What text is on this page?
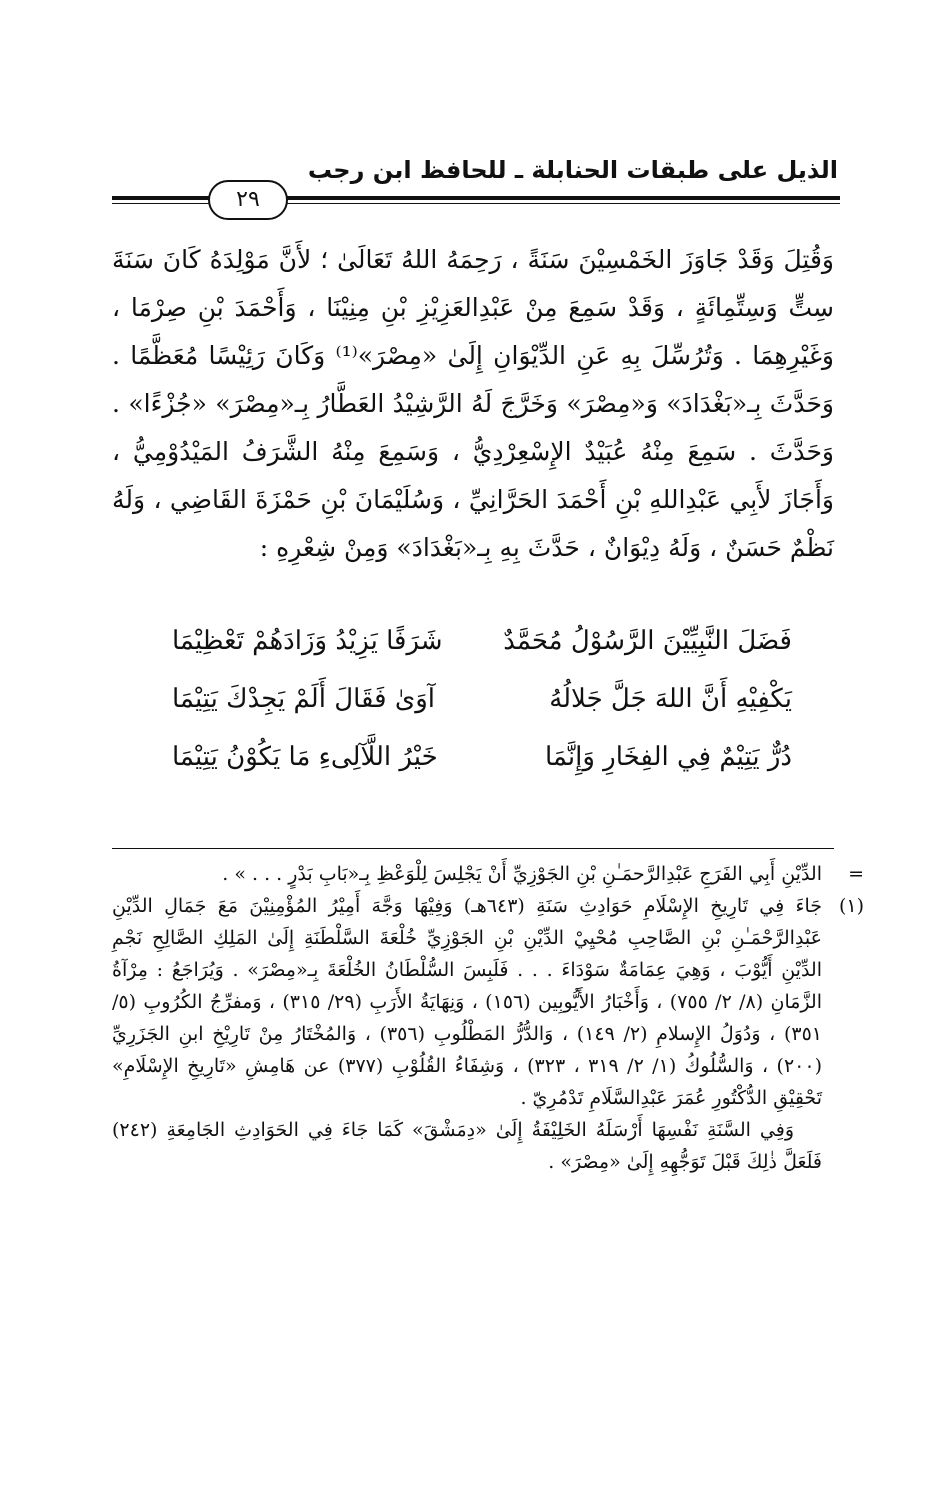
الذيل على طبقات الحنابلة ـ للحافظ ابن رجب
٢٩

وَقُتِلَ وَقَدْ جَاوَزَ الخَمْسِيْنَ سَنَةً ، رَحِمَهُ اللهُ تَعَالَىٰ ؛ لأَنَّ مَوْلِدَهُ كَانَ سَنَةَ سِتٍّ وَسِتِّمِائَةٍ ، وَقَدْ سَمِعَ مِنْ عَبْدِالعَزِيْزِ بْنِ مِنِيْنَا ، وَأَحْمَدَ بْنِ صِرْمَا ، وَغَيْرِهِمَا . وَتُرُسِّلَ بِهِ عَنِ الدِّيْوَانِ إِلَىٰ «مِصْرَ»⁽¹⁾ وَكَانَ رَئِيْسًا مُعَظَّمًا . وَحَدَّثَ بِـ«بَغْدَادَ» وَ«مِصْرَ» وَخَرَّجَ لَهُ الرَّشِيْدُ العَطَّارُ بِـ«مِصْرَ» «جُزْءًا» . وَحَدَّثَ . سَمِعَ مِنْهُ عُبَيْدٌ الإِسْعِرْدِيُّ ، وَسَمِعَ مِنْهُ الشَّرَفُ المَيْدُوْمِيُّ ، وَأَجَازَ لأَبِي عَبْدِاللهِ بْنِ أَحْمَدَ الحَرَّانِيِّ ، وَسُلَيْمَانَ بْنِ حَمْزَةَ القَاضِي ، وَلَهُ نَظْمٌ حَسَنٌ ، وَلَهُ دِيْوَانٌ ، حَدَّثَ بِهِ بِـ«بَغْدَادَ» وَمِنْ شِعْرِهِ :

فَضَلَ النَّبِيِّيْنَ الرَّسُوْلُ مُحَمَّدٌ
شَرَفًا يَزِيْدُ وَزَادَهُمْ تَعْظِيْمَا
يَكْفِيْهِ أَنَّ اللهَ جَلَّ جَلالُهُ
آوَىٰ فَقَالَ أَلَمْ يَجِدْكَ يَتِيْمَا
دُرٌّ يَتِيْمٌ فِي الفِخَارِ وَإِنَّمَا
خَيْرُ اللَّآلِىءِ مَا يَكُوْنُ يَتِيْمَا
=

الدِّيْنِ أَبِي الفَرَجِ عَبْدِالرَّحمَـٰنِ بْنِ الجَوْزِيِّ أَنْ يَجْلِسَ لِلْوَعْظِ بِـ«بَابِ بَدْرٍ . . . » .

(١)

جَاءَ فِي تَارِيخِ الإِسْلَامِ حَوَادِثِ سَنَةِ (٦٤٣هـ) وَفِيْهَا وَجَّهَ أَمِيْرُ المُؤْمِنِيْنَ مَعَ جَمَالِ الدِّيْنِ عَبْدِالرَّحْمَـٰنِ بْنِ الصَّاحِبِ مُحْيِيْ الدِّيْنِ بْنِ الجَوْزِيِّ خُلْعَةَ السَّلْطَنَةِ إِلَىٰ المَلِكِ الصَّالِحِ نَجْمِ الدِّيْنِ أَيُّوْبَ ، وَهِيَ عِمَامَةٌ سَوْدَاءَ . . . فَلَبِسَ السُّلْطَانُ الخُلْعَةَ بِـ«مِصْرَ» . وَيُرَاجَعُ : مِرْآةُ الزَّمَانِ (٨/ ٢/ ٧٥٥) ، وَأَخْبَارُ الأَيُّوبِين (١٥٦) ، وَنِهَايَةُ الأَرَبِ (٢٩/ ٣١٥) ، وَمفرِّجُ الكُرُوبِ (٥/ ٣٥١) ، وَدُوَلُ الإِسلامِ (٢/ ١٤٩) ، وَالدُّرُّ المَطْلُوبِ (٣٥٦) ، وَالمُخْتَارُ مِنْ تَارِيْخِ ابنِ الجَزَرِيِّ (٢٠٠) ، وَالسُّلُوكُ (١/ ٢/ ٣١٩ ، ٣٢٣) ، وَشِفَاءُ القُلُوْبِ (٣٧٧) عن هَامِشِ «تَارِيخِ الإِسْلَامِ» تَحْقِيْقِ الدُّكْتُورِ عُمَرَ عَبْدِالسَّلَامِ تَدْمُرِيّ .

وَفِي السَّنَةِ نَفْسِهَا أَرْسَلَهُ الخَلِيْفَةُ إِلَىٰ «دِمَشْقَ» كَمَا جَاءَ فِي الحَوَادِثِ الجَامِعَةِ (٢٤٢) فَلَعَلَّ ذٰلِكَ قَبْلَ تَوَجُّهِهِ إِلَىٰ «مِصْرَ» .
